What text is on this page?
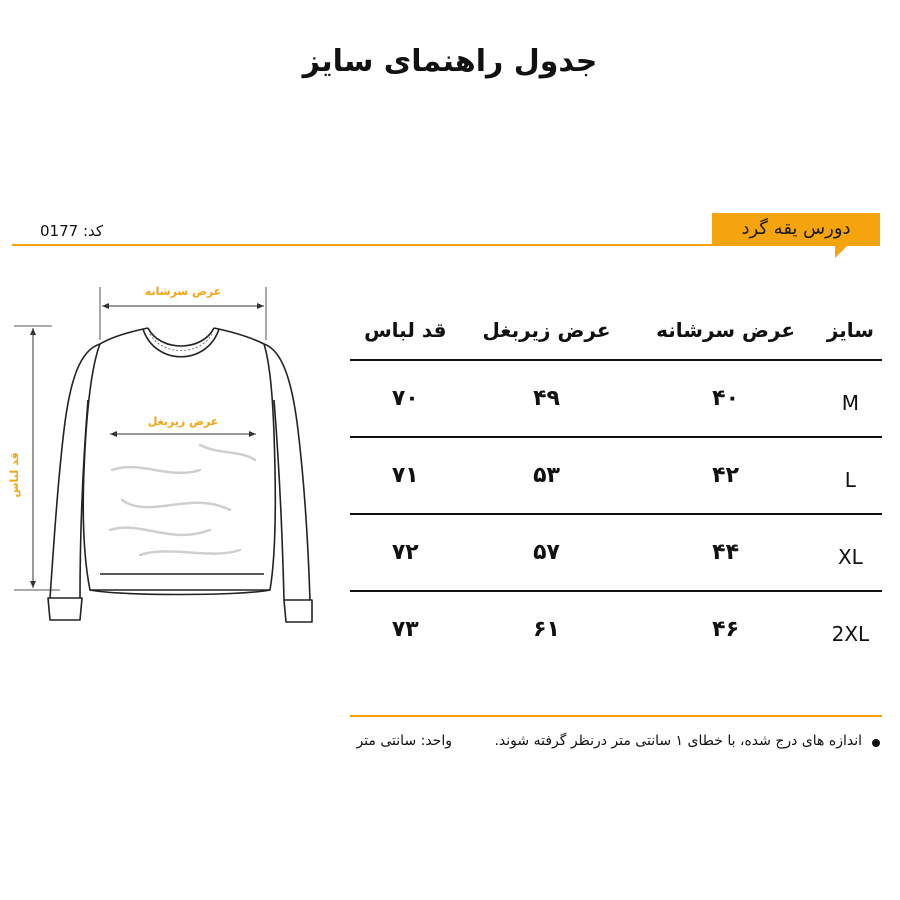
جدول راهنمای سایز
دورس یقه گرد
کد: 0177
عرض سرشانه
قد لباس
عرض زیربغل
سایز	عرض سرشانه	عرض زیربغل	قد لباس
M	۴۰	۴۹	۷۰
L	۴۲	۵۳	۷۱
XL	۴۴	۵۷	۷۲
2XL	۴۶	۶۱	۷۳
اندازه های درج شده، با خطای ۱ سانتی متر درنظر گرفته شوند.
واحد: سانتی متر
